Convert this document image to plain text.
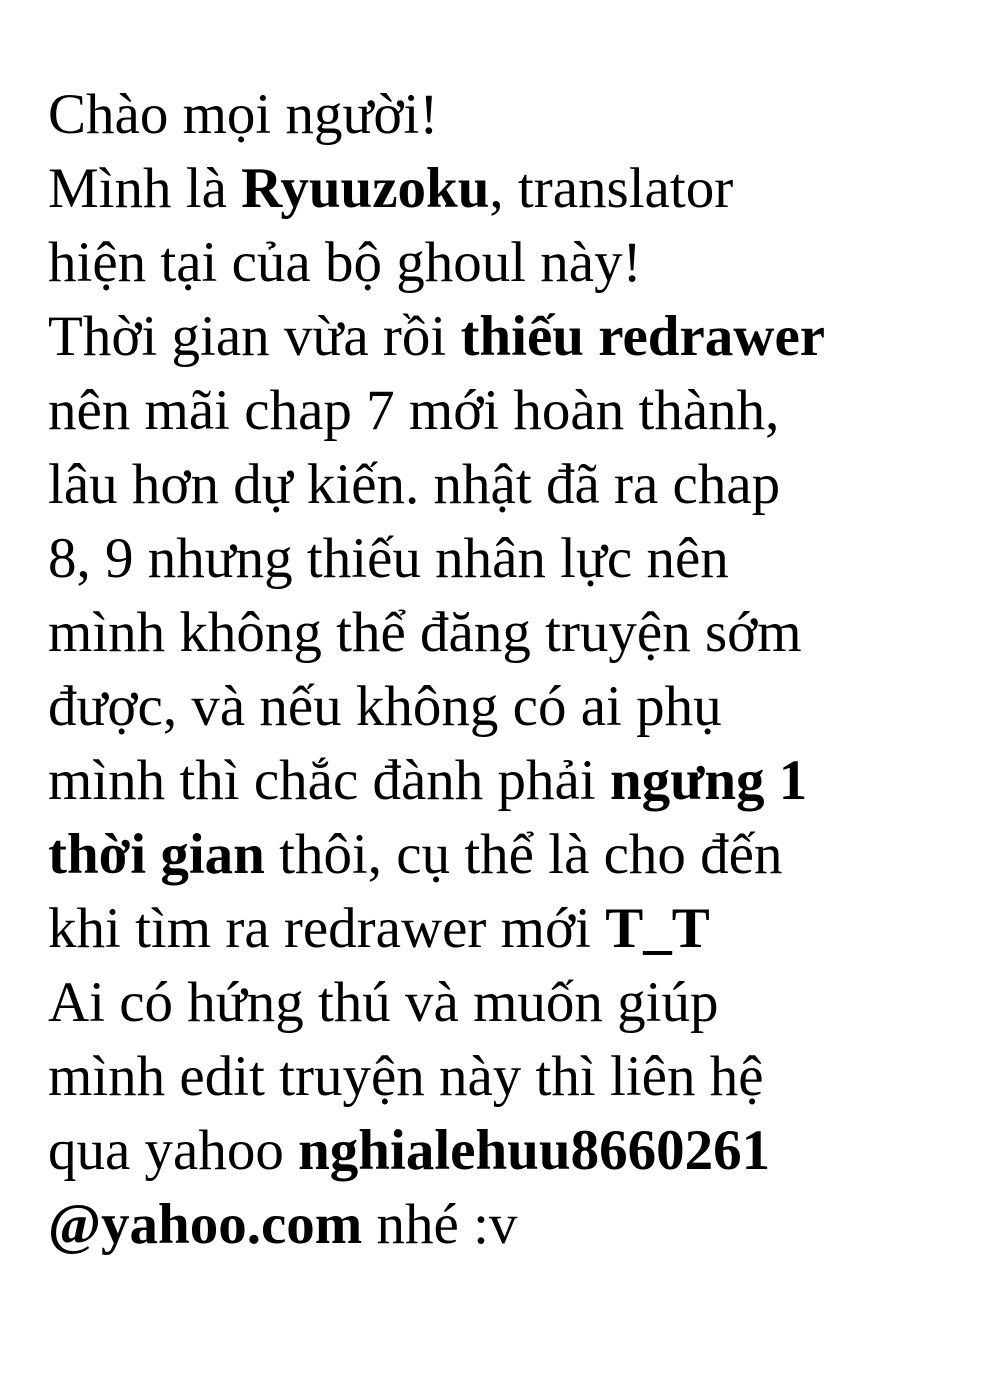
Chào mọi người!
Mình là Ryuuzoku, translator
hiện tại của bộ ghoul này!
Thời gian vừa rồi thiếu redrawer
nên mãi chap 7 mới hoàn thành,
lâu hơn dự kiến. nhật đã ra chap
8, 9 nhưng thiếu nhân lực nên
mình không thể đăng truyện sớm
được, và nếu không có ai phụ
mình thì chắc đành phải ngưng 1
thời gian thôi, cụ thể là cho đến
khi tìm ra redrawer mới T_T
Ai có hứng thú và muốn giúp
mình edit truyện này thì liên hệ
qua yahoo nghialehuu8660261
@yahoo.com nhé :v
